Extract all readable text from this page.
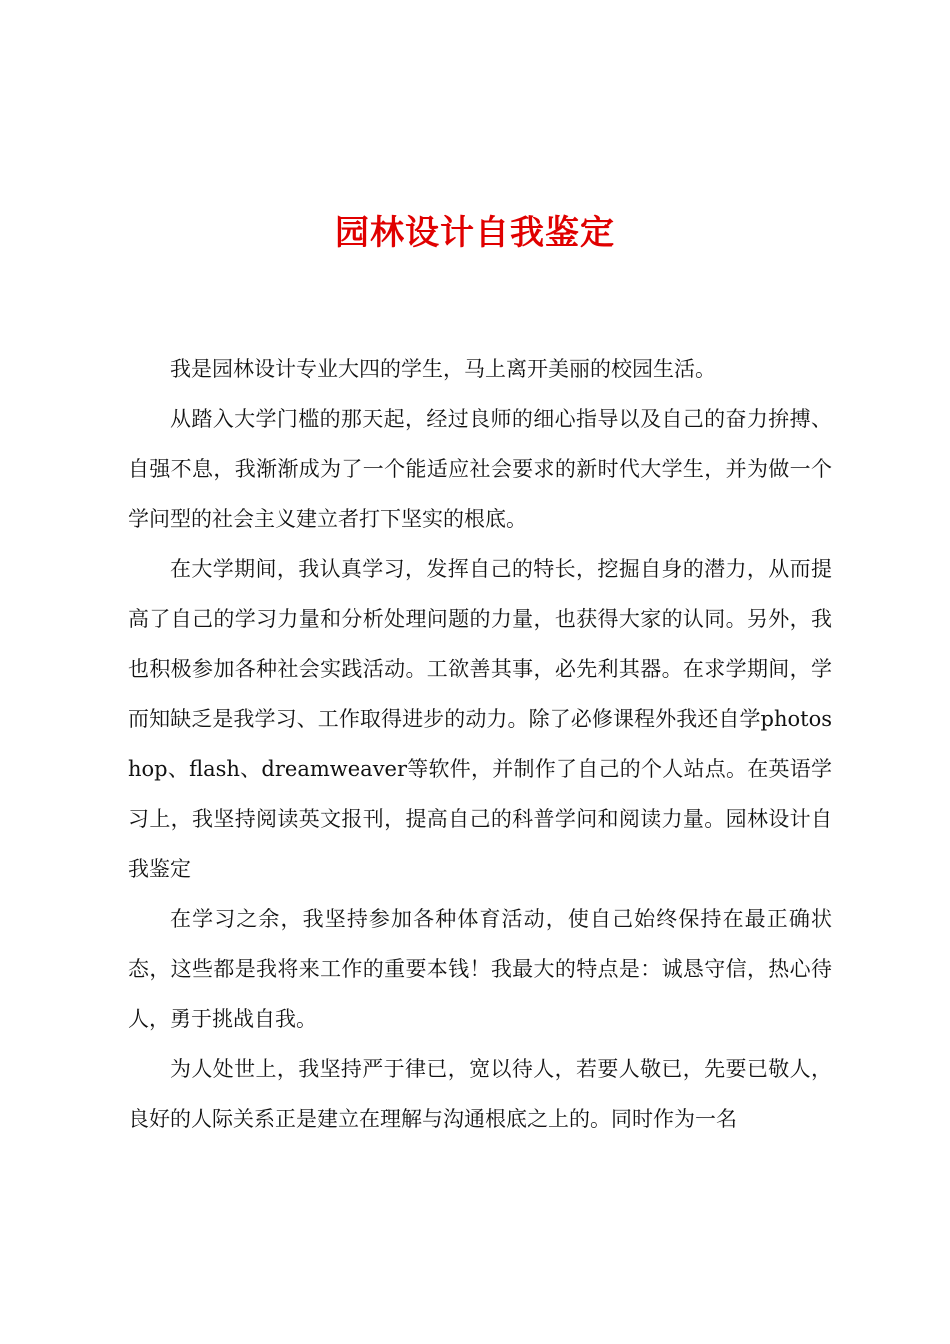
园林设计自我鉴定

我是园林设计专业大四的学生，马上离开美丽的校园生活。

从踏入大学门槛的那天起，经过良师的细心指导以及自己的奋力拚搏、自强不息，我渐渐成为了一个能适应社会要求的新时代大学生，并为做一个学问型的社会主义建立者打下坚实的根底。

在大学期间，我认真学习，发挥自己的特长，挖掘自身的潜力，从而提高了自己的学习力量和分析处理问题的力量，也获得大家的认同。另外，我也积极参加各种社会实践活动。工欲善其事，必先利其器。在求学期间，学而知缺乏是我学习、工作取得进步的动力。除了必修课程外我还自学photoshop、flash、dreamweaver等软件，并制作了自己的个人站点。在英语学习上，我坚持阅读英文报刊，提高自己的科普学问和阅读力量。园林设计自我鉴定

在学习之余，我坚持参加各种体育活动，使自己始终保持在最正确状态，这些都是我将来工作的重要本钱！我最大的特点是：诚恳守信，热心待人，勇于挑战自我。

为人处世上，我坚持严于律已，宽以待人，若要人敬已，先要已敬人，良好的人际关系正是建立在理解与沟通根底之上的。同时作为一名
